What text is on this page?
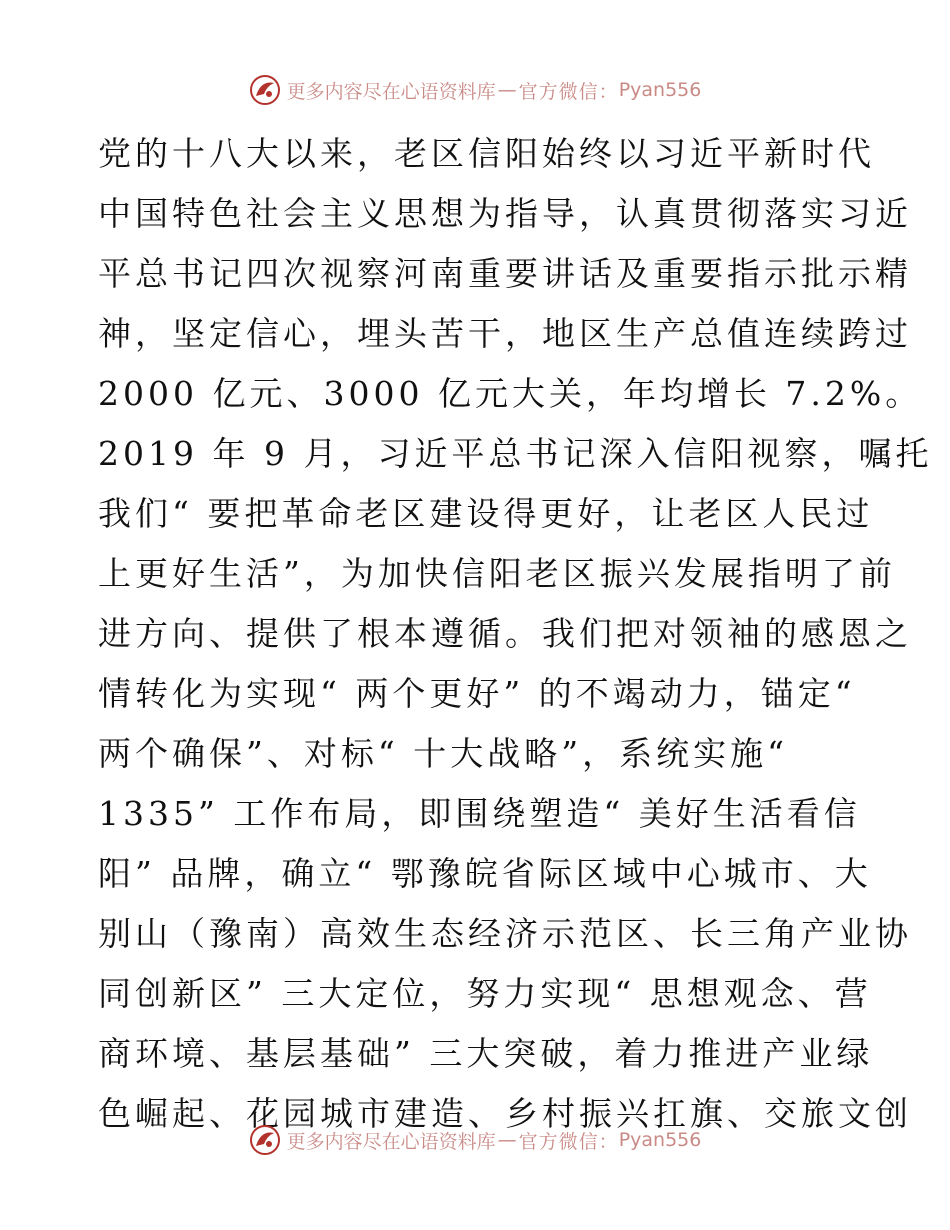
更多内容尽在心语资料库 — 官方微信： Pyan556
党的十八大以来，老区信阳始终以习近平新时代
中国特色社会主义思想为指导，认真贯彻落实习近
平总书记四次视察河南重要讲话及重要指示批示精
神，坚定信心，埋头苦干，地区生产总值连续跨过
2000 亿元、3000 亿元大关，年均增长 7.2%。
2019 年 9 月，习近平总书记深入信阳视察，嘱托
我们“ 要把革命老区建设得更好，让老区人民过
上更好生活”，为加快信阳老区振兴发展指明了前
进方向、提供了根本遵循。我们把对领袖的感恩之
情转化为实现“ 两个更好” 的不竭动力，锚定“
两个确保”、对标“ 十大战略”，系统实施“
1335” 工作布局，即围绕塑造“ 美好生活看信
阳” 品牌，确立“ 鄂豫皖省际区域中心城市、大
别山（豫南）高效生态经济示范区、长三角产业协
同创新区” 三大定位，努力实现“ 思想观念、营
商环境、基层基础” 三大突破，着力推进产业绿
色崛起、花园城市建造、乡村振兴扛旗、交旅文创
更多内容尽在心语资料库 — 官方微信： Pyan556
